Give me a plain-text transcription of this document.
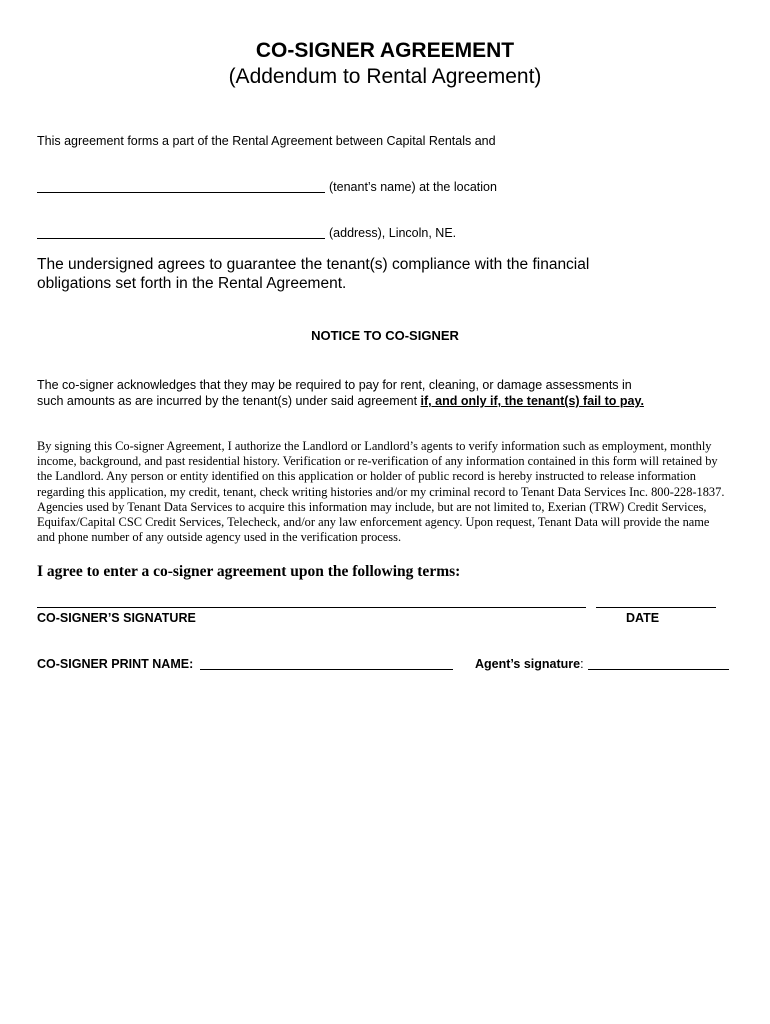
CO-SIGNER AGREEMENT
(Addendum to Rental Agreement)
This agreement forms a part of the Rental Agreement between Capital Rentals and
(tenant’s name) at the location
(address), Lincoln, NE.
The undersigned agrees to guarantee the tenant(s) compliance with the financial
obligations set forth in the Rental Agreement.
NOTICE TO CO-SIGNER
The co-signer acknowledges that they may be required to pay for rent, cleaning, or damage assessments in
such amounts as are incurred by the tenant(s) under said agreement if, and only if, the tenant(s) fail to pay.
By signing this Co-signer Agreement, I authorize the Landlord or Landlord’s agents to verify information such as employment, monthly
income, background, and past residential history. Verification or re-verification of any information contained in this form will retained by
the Landlord. Any person or entity identified on this application or holder of public record is hereby instructed to release information
regarding this application, my credit, tenant, check writing histories and/or my criminal record to Tenant Data Services Inc. 800-228-1837.
Agencies used by Tenant Data Services to acquire this information may include, but are not limited to, Exerian (TRW) Credit Services,
Equifax/Capital CSC Credit Services, Telecheck, and/or any law enforcement agency. Upon request, Tenant Data will provide the name
and phone number of any outside agency used in the verification process.
I agree to enter a co-signer agreement upon the following terms:
CO-SIGNER’S SIGNATURE	DATE
CO-SIGNER PRINT NAME:	Agent’s signature:
